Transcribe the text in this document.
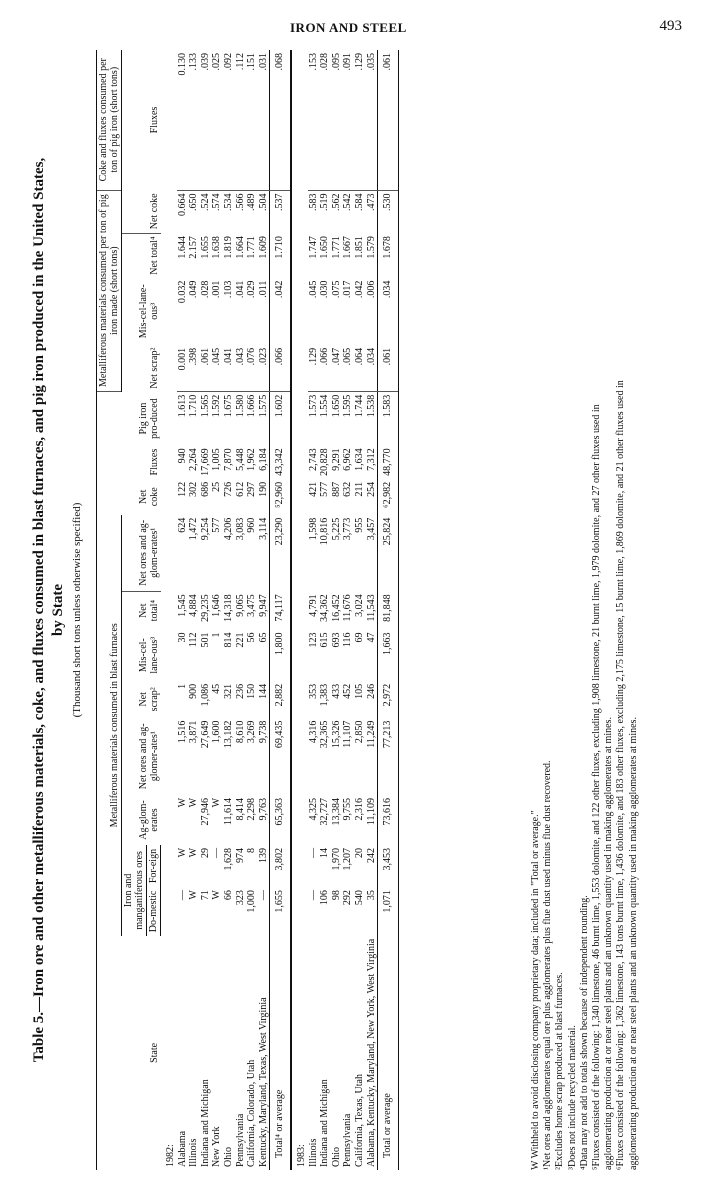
IRON AND STEEL	493
Table 5.—Iron ore and other metalliferous materials, coke, and fluxes consumed in blast furnaces, and pig iron produced in the United States, by State (Thousand short tons unless otherwise specified)
State	Metalliferous materials consumed in blast furnaces								Net coke	Fluxes	Pig iron pro-duced	Metalliferous materials consumed per ton of pig iron made (short tons)				Coke and fluxes consumed per ton of pig iron (short tons)
	Iron and manganiferous ores		Ag-glom-erates	Net ores and ag-glomer-ates¹	Net scrap²	Mis-cel-lane-ous³	Net total⁴	Net ores and ag-glom-erates¹				Net scrap²	Mis-cel-lane-ous³	Net total⁴	Net coke	Fluxes
	Do-mestic	For-eign														
1982:																
Alabama	—	W	W	1,516	1	30	1,545	624	122	940	1.613	0.001	0.032	1.644	0.664	0.130
Illinois	W	W	W	3,871	900	112	4,884	1,472	302	2,264	1.710	.398	.049	2.157	.650	.133
Indiana and Michigan	71	29	27,946	27,649	1,086	501	29,235	9,254	686	17,669	1.565	.061	.028	1.655	.524	.039
New York	W	—	W	1,600	45	1	1,646	577	25	1,005	1.592	.045	.001	1.638	.574	.025
Ohio	66	1,628	11,614	13,182	321	814	14,318	4,206	726	7,870	1.675	.041	.103	1.819	.534	.092
Pennsylvania	323	974	8,414	8,610	236	221	9,065	3,083	612	5,448	1.580	.043	.041	1.664	.566	.112
California, Colorado, Utah	1,000	8	2,298	3,269	150	56	3,475	960	297	1,962	1.666	.076	.029	1.771	.489	.151
Kentucky, Maryland, Texas, West Virginia	—	139	9,763	9,738	144	65	9,947	3,114	190	6,184	1.575	.023	.011	1.609	.504	.031
Total⁴ or average	1,655	3,802	65,363	69,435	2,882	1,800	74,117	23,290	⁵2,960	43,342	1.602	.066	.042	1.710	.537	.068
1983:																
Illinois	—	—	4,325	4,316	353	123	4,791	1,598	421	2,743	1.573	.129	.045	1.747	.583	.153
Indiana and Michigan	106	14	32,727	32,365	1,383	615	34,362	10,816	577	20,828	1.554	.066	.030	1.650	.519	.028
Ohio	98	1,970	13,384	15,326	433	693	16,452	5,225	887	9,291	1.650	.047	.075	1.771	.562	.095
Pennsylvania	292	1,207	9,755	11,107	452	116	11,676	3,773	632	6,962	1.595	.065	.017	1.667	.542	.091
California, Texas, Utah	540	20	2,316	2,850	105	69	3,024	955	211	1,634	1.744	.064	.042	1.851	.584	.129
Alabama, Kentucky, Maryland, New York, West Virginia	35	242	11,109	11,249	246	47	11,543	3,457	254	7,312	1.538	.034	.006	1.579	.473	.035
Total or average	1,071	3,453	73,616	77,213	2,972	1,663	81,848	25,824	⁶2,982	48,770	1.583	.061	.034	1.678	.530	.061
W Withheld to avoid disclosing company proprietary data; included in "Total or average." ¹Net ores and agglomerates equal ore plus agglomerates plus flue dust used minus flue dust recovered. ²Excludes home scrap produced at blast furnaces. ³Does not include recycled material. ⁴Data may not add to totals shown because of independent rounding. ⁵Fluxes consisted of the following: 1,340 limestone, 46 burnt lime, 1,553 dolomite, and 122 other fluxes, excluding 1,908 limestone, 21 burnt lime, 1,979 dolomite, and 27 other fluxes used in agglomerating production at or near steel plants and an unknown quantity used in making agglomerates at mines. ⁶Fluxes consisted of the following: 1,362 limestone, 143 tons burnt lime, 1,436 dolomite, and 183 other fluxes, excluding 2,175 limestone, 15 burnt lime, 1,869 dolomite, and 21 other fluxes used in agglomerating production at or near steel plants and an unknown quantity used in making agglomerates at mines.
